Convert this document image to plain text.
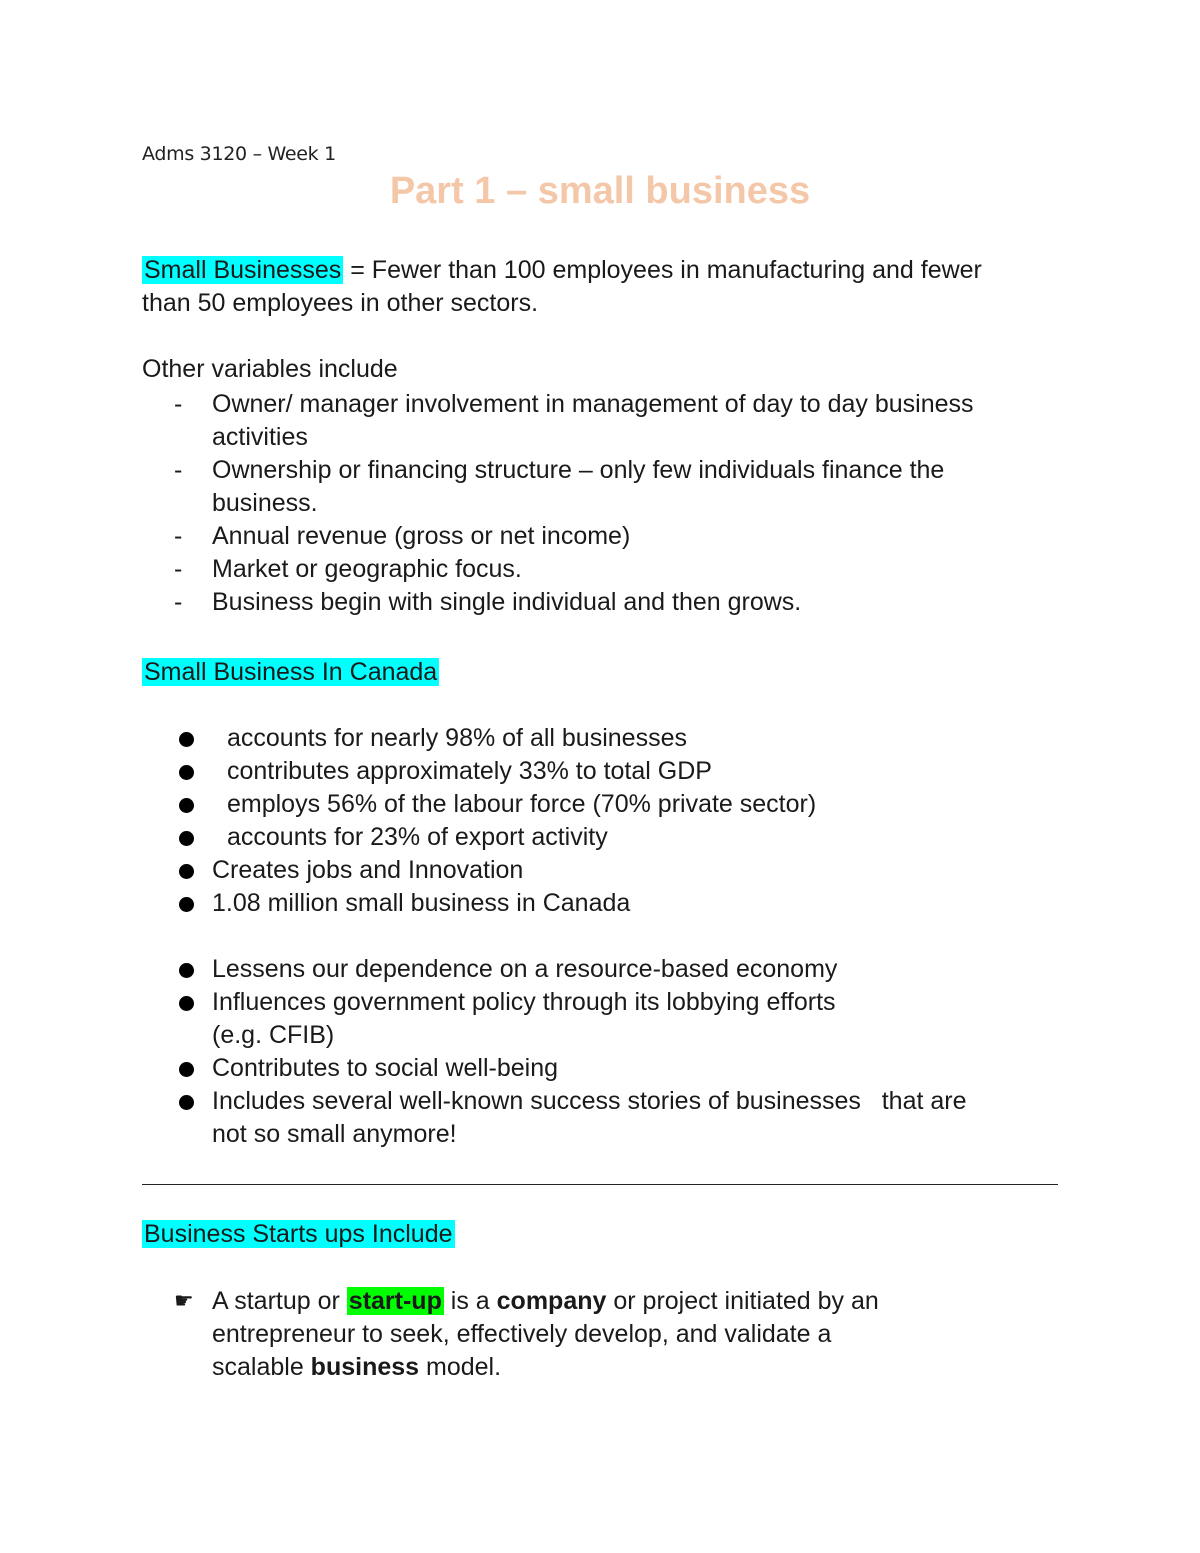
Adms 3120 – Week 1
Part 1 – small business
Small Businesses = Fewer than 100 employees in manufacturing and fewer
than 50 employees in other sectors.
Other variables include
- Owner/ manager involvement in management of day to day business
activities
- Ownership or financing structure – only few individuals finance the
business.
- Annual revenue (gross or net income)
- Market or geographic focus.
- Business begin with single individual and then grows.
Small Business In Canada
accounts for nearly 98% of all businesses
contributes approximately 33% to total GDP
employs 56% of the labour force (70% private sector)
accounts for 23% of export activity
Creates jobs and Innovation
1.08 million small business in Canada
Lessens our dependence on a resource-based economy
Influences government policy through its lobbying efforts
(e.g. CFIB)
Contributes to social well-being
Includes several well-known success stories of businesses   that are
not so small anymore!
Business Starts ups Include
☛ A startup or start-up is a company or project initiated by an
entrepreneur to seek, effectively develop, and validate a
scalable business model.
